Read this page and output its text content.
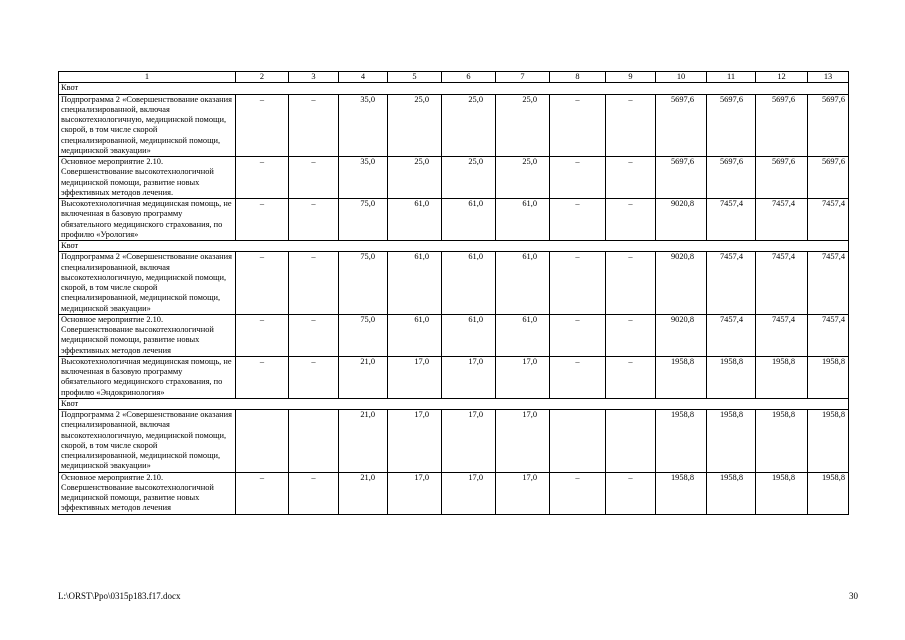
1	2	3	4	5	6	7	8	9	10	11	12	13
Квот												
Подпрограмма 2 «Совершенствование оказания специализированной, включая высокотехнологичную, медицинской помощи, скорой, в том числе скорой специализированной, медицинской помощи, медицинской эвакуации»	–	–	35,0	25,0	25,0	25,0	–	–	5697,6	5697,6	5697,6	5697,6
Основное мероприятие 2.10. Совершенствование высокотехнологичной медицинской помощи, развитие новых эффективных методов лечения.	–	–	35,0	25,0	25,0	25,0	–	–	5697,6	5697,6	5697,6	5697,6
Высокотехнологичная медицинская помощь, не включенная в базовую программу обязательного медицинского страхования, по профилю «Урология»	–	–	75,0	61,0	61,0	61,0	–	–	9020,8	7457,4	7457,4	7457,4
Квот												
Подпрограмма 2 «Совершенствование оказания специализированной, включая высокотехнологичную, медицинской помощи, скорой, в том числе скорой специализированной, медицинской помощи, медицинской эвакуации»	–	–	75,0	61,0	61,0	61,0	–	–	9020,8	7457,4	7457,4	7457,4
Основное мероприятие 2.10. Совершенствование высокотехнологичной медицинской помощи, развитие новых эффективных методов лечения	–	–	75,0	61,0	61,0	61,0	–	–	9020,8	7457,4	7457,4	7457,4
Высокотехнологичная медицинская помощь, не включенная в базовую программу обязательного медицинского страхования, по профилю «Эндокринология»	–	–	21,0	17,0	17,0	17,0	–	–	1958,8	1958,8	1958,8	1958,8
Квот												
Подпрограмма 2 «Совершенствование оказания специализированной, включая высокотехнологичную, медицинской помощи, скорой, в том числе скорой специализированной, медицинской помощи, медицинской эвакуации»			21,0	17,0	17,0	17,0			1958,8	1958,8	1958,8	1958,8
Основное мероприятие 2.10. Совершенствование высокотехнологичной медицинской помощи, развитие новых эффективных методов лечения	–	–	21,0	17,0	17,0	17,0	–	–	1958,8	1958,8	1958,8	1958,8
L:\ORST\Ppo\0315p183.f17.docx	30
